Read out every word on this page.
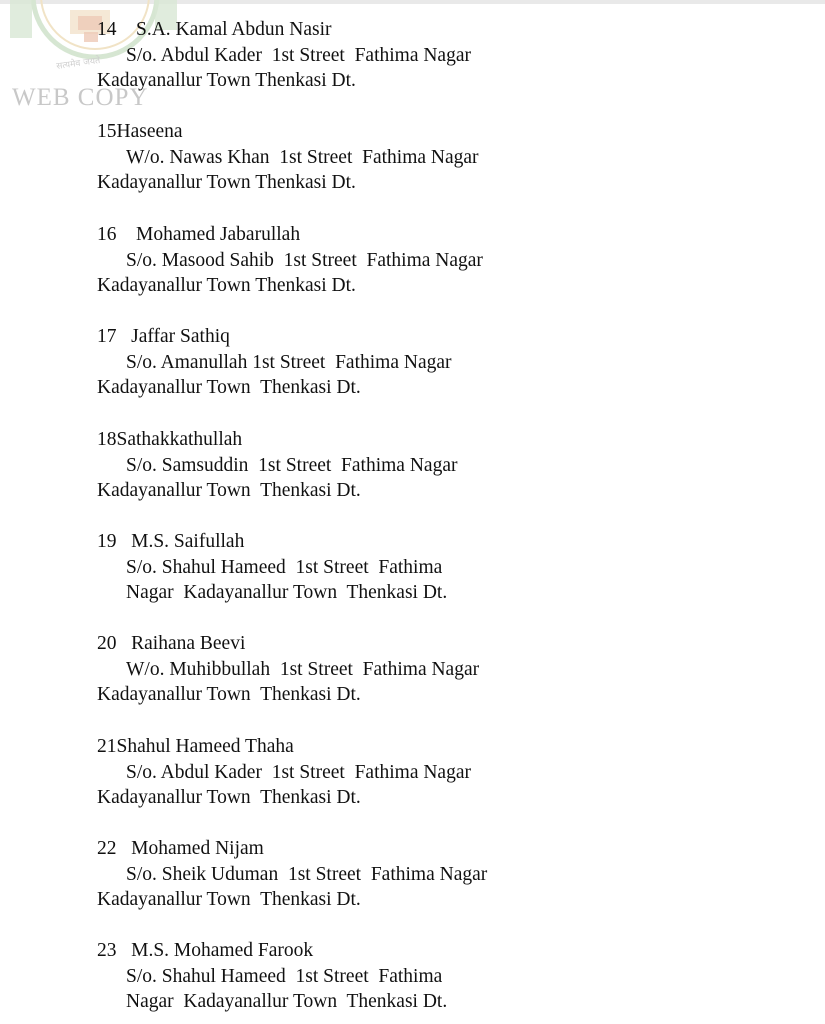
सत्यमेव जयते
WEB COPY
14    S.A. Kamal Abdun Nasir
S/o. Abdul Kader  1st Street  Fathima Nagar
Kadayanallur Town Thenkasi Dt.
15Haseena
W/o. Nawas Khan  1st Street  Fathima Nagar
Kadayanallur Town Thenkasi Dt.
16    Mohamed Jabarullah
S/o. Masood Sahib  1st Street  Fathima Nagar
Kadayanallur Town Thenkasi Dt.
17   Jaffar Sathiq
S/o. Amanullah 1st Street  Fathima Nagar
Kadayanallur Town  Thenkasi Dt.
18Sathakkathullah
S/o. Samsuddin  1st Street  Fathima Nagar
Kadayanallur Town  Thenkasi Dt.
19   M.S. Saifullah
S/o. Shahul Hameed  1st Street  Fathima
Nagar  Kadayanallur Town  Thenkasi Dt.
20   Raihana Beevi
W/o. Muhibbullah  1st Street  Fathima Nagar
Kadayanallur Town  Thenkasi Dt.
21Shahul Hameed Thaha
S/o. Abdul Kader  1st Street  Fathima Nagar
Kadayanallur Town  Thenkasi Dt.
22   Mohamed Nijam
S/o. Sheik Uduman  1st Street  Fathima Nagar
Kadayanallur Town  Thenkasi Dt.
23   M.S. Mohamed Farook
S/o. Shahul Hameed  1st Street  Fathima
Nagar  Kadayanallur Town  Thenkasi Dt.
